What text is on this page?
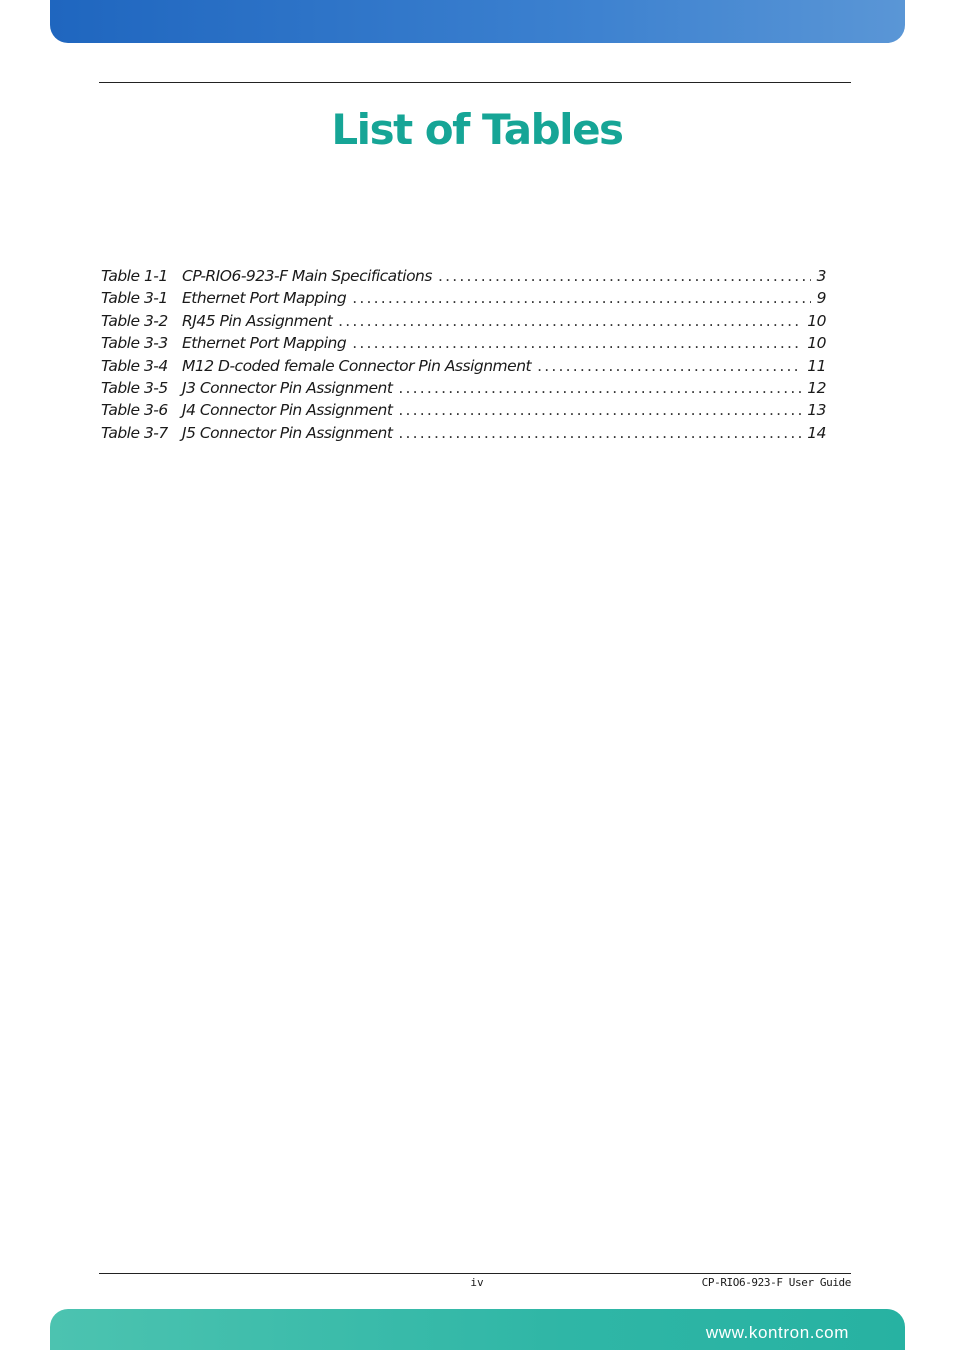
List of Tables
Table 1-1 CP-RIO6-923-F Main Specifications .....	3
Table 3-1 Ethernet Port Mapping .....	9
Table 3-2 RJ45 Pin Assignment .....	10
Table 3-3 Ethernet Port Mapping .....	10
Table 3-4 M12 D-coded female Connector Pin Assignment .....	11
Table 3-5 J3 Connector Pin Assignment .....	12
Table 3-6 J4 Connector Pin Assignment .....	13
Table 3-7 J5 Connector Pin Assignment .....	14
iv	CP-RIO6-923-F User Guide
www.kontron.com
